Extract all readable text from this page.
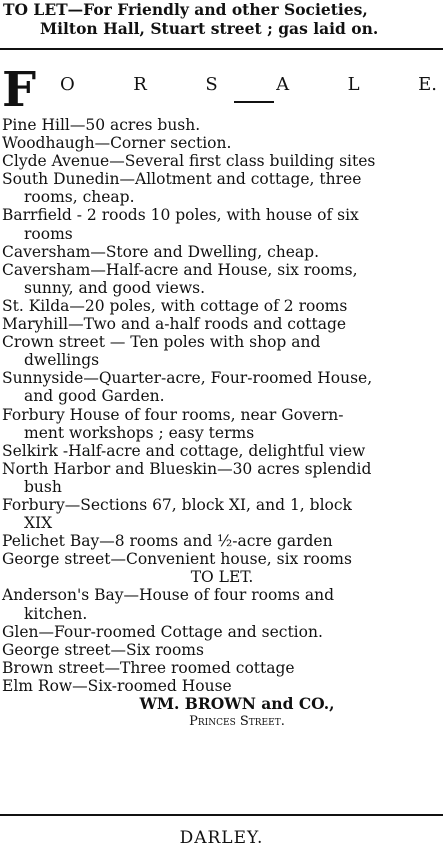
TO LET—For Friendly and other Societies,
Milton Hall, Stuart street ; gas laid on.
F O	R	S	A	L	E.
Pine Hill—50 acres bush.
Woodhaugh—Corner section.
Clyde Avenue—Several first class building sites
South Dunedin—Allotment and cottage, three
rooms, cheap.
Barrfield - 2 roods 10 poles, with house of six
rooms
Caversham—Store and Dwelling, cheap.
Caversham—Half-acre and House, six rooms,
sunny, and good views.
St. Kilda—20 poles, with cottage of 2 rooms
Maryhill—Two and a-half roods and cottage
Crown street — Ten poles with shop and
dwellings
Sunnyside—Quarter-acre, Four-roomed House,
and good Garden.
Forbury House of four rooms, near Govern-
ment workshops ; easy terms
Selkirk -Half-acre and cottage, delightful view
North Harbor and Blueskin—30 acres splendid
bush
Forbury—Sections 67, block XI, and 1, block
XIX
Pelichet Bay—8 rooms and ½-acre garden
George street—Convenient house, six rooms
TO LET.
Anderson's Bay—House of four rooms and
kitchen.
Glen—Four-roomed Cottage and section.
George street—Six rooms
Brown street—Three roomed cottage
Elm Row—Six-roomed House
WM. BROWN and CO.,
Princes Street.
DARLEY.
